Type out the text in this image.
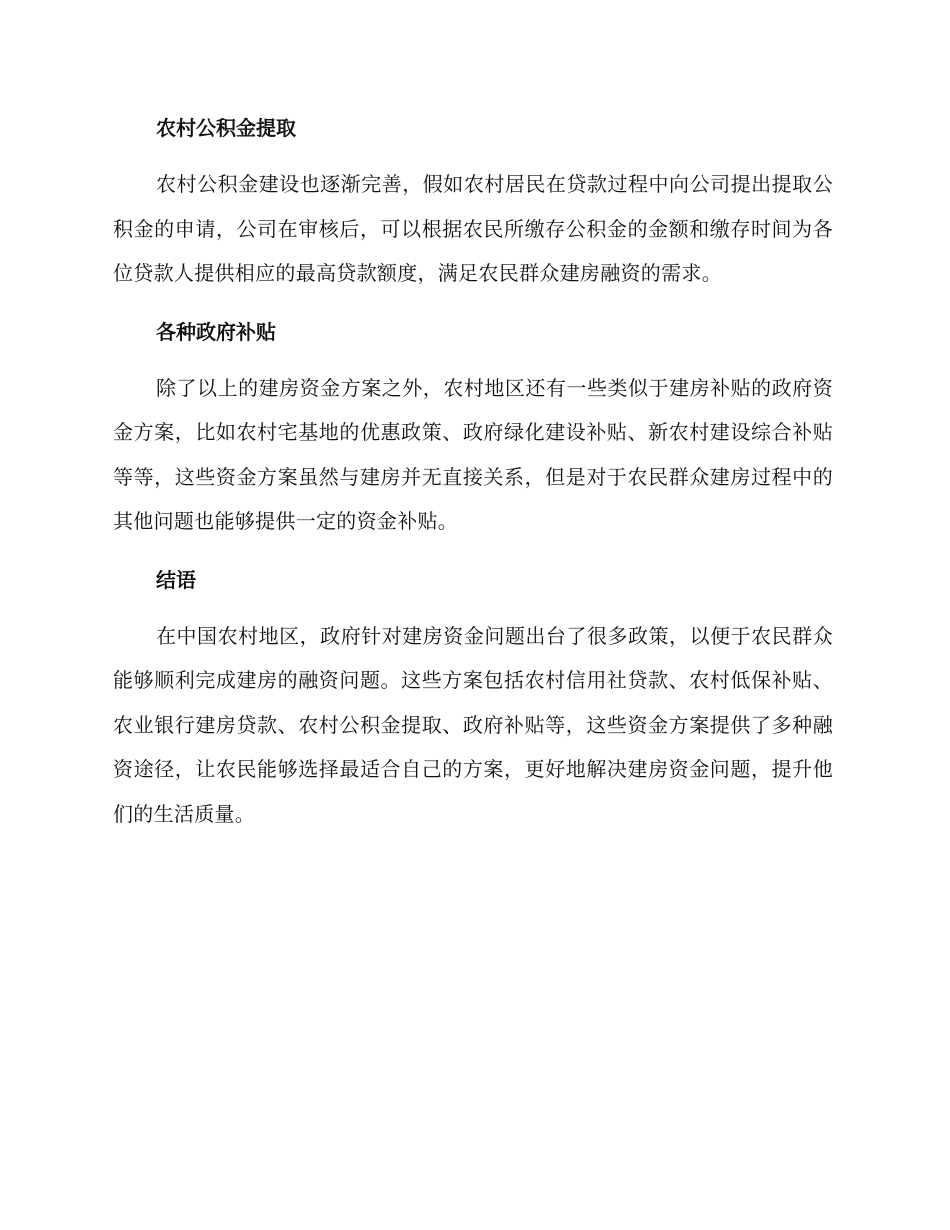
农村公积金提取

农村公积金建设也逐渐完善，假如农村居民在贷款过程中向公司提出提取公积金的申请，公司在审核后，可以根据农民所缴存公积金的金额和缴存时间为各位贷款人提供相应的最高贷款额度，满足农民群众建房融资的需求。

各种政府补贴

除了以上的建房资金方案之外，农村地区还有一些类似于建房补贴的政府资金方案，比如农村宅基地的优惠政策、政府绿化建设补贴、新农村建设综合补贴等等，这些资金方案虽然与建房并无直接关系，但是对于农民群众建房过程中的其他问题也能够提供一定的资金补贴。

结语

在中国农村地区，政府针对建房资金问题出台了很多政策，以便于农民群众能够顺利完成建房的融资问题。这些方案包括农村信用社贷款、农村低保补贴、农业银行建房贷款、农村公积金提取、政府补贴等，这些资金方案提供了多种融资途径，让农民能够选择最适合自己的方案，更好地解决建房资金问题，提升他们的生活质量。
